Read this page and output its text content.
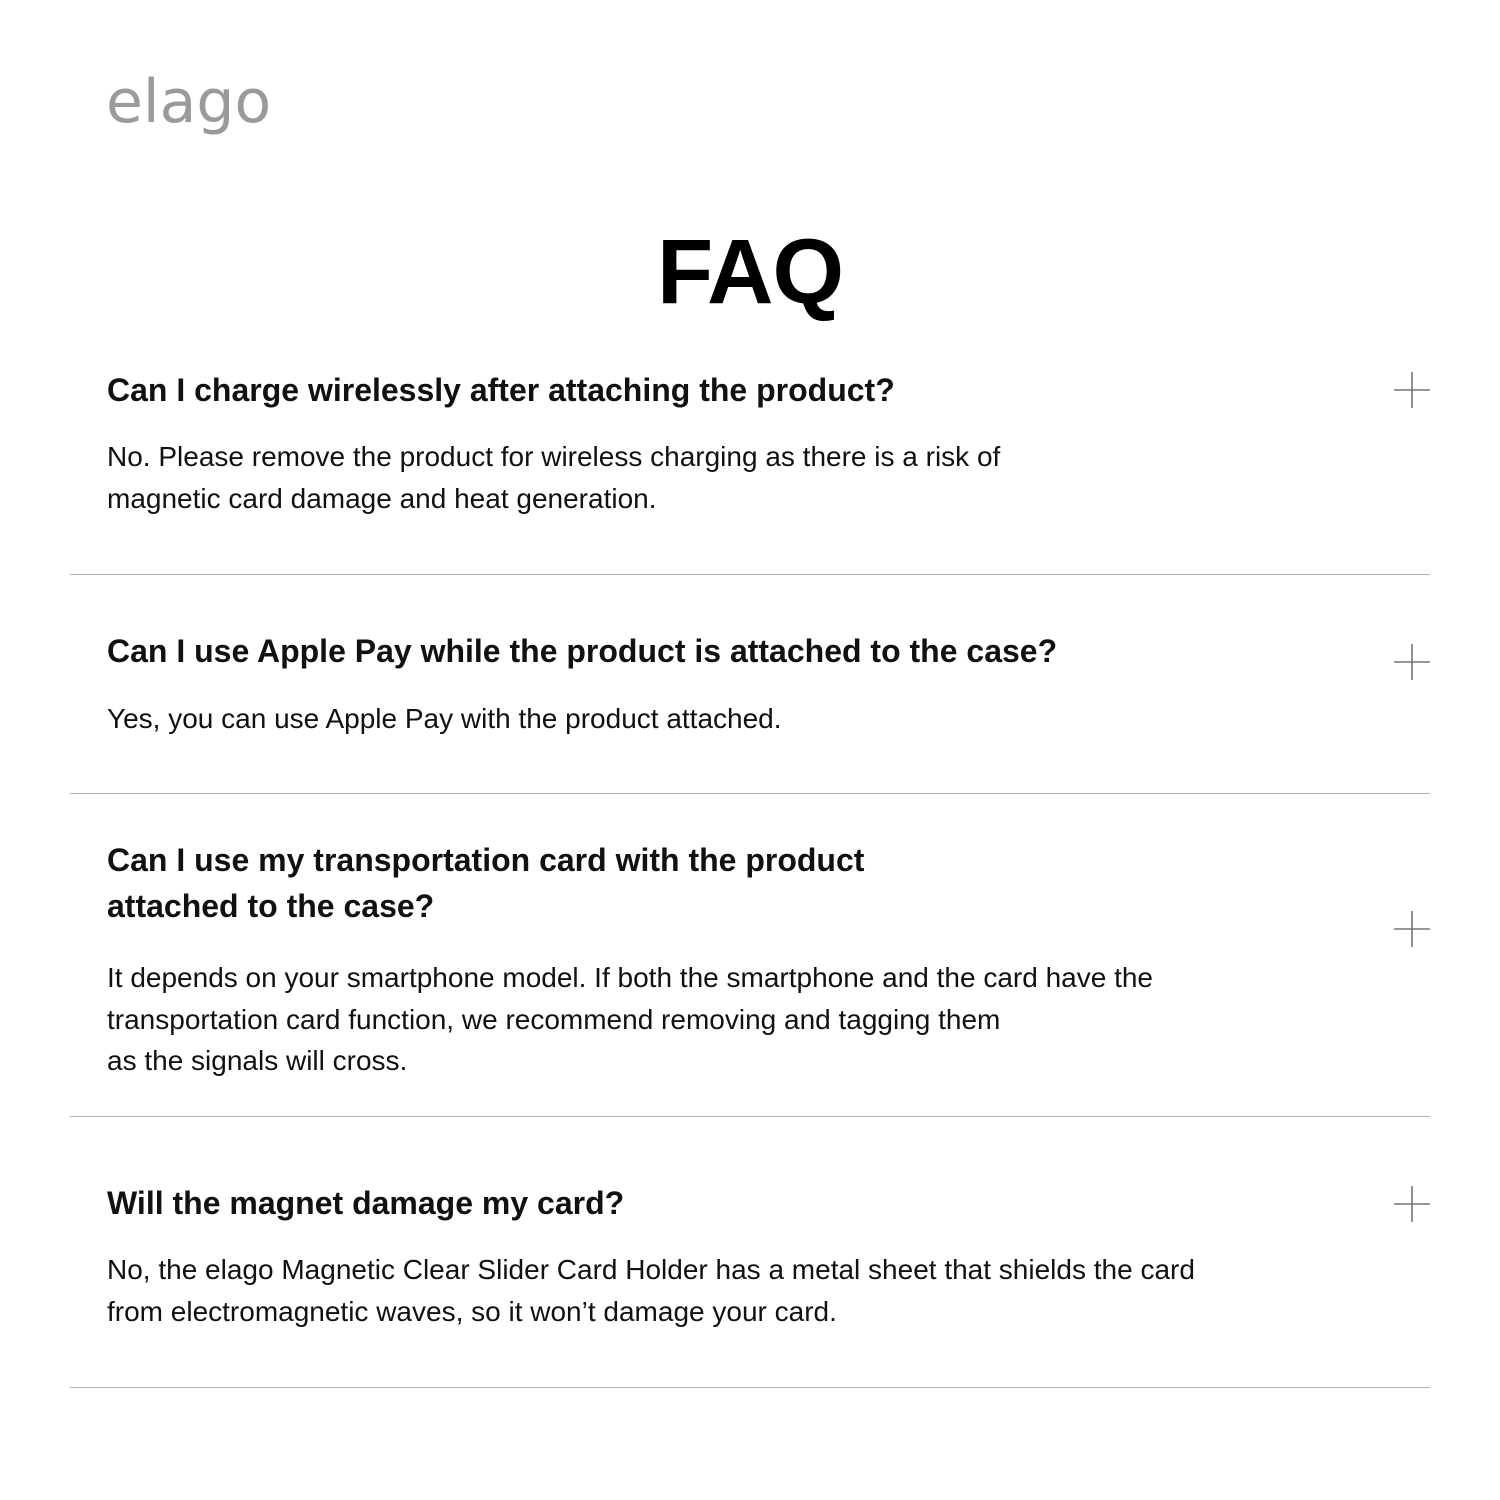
elago
FAQ
Can I charge wirelessly after attaching the product?
No. Please remove the product for wireless charging as there is a risk of
magnetic card damage and heat generation.
Can I use Apple Pay while the product is attached to the case?
Yes, you can use Apple Pay with the product attached.
Can I use my transportation card with the product
attached to the case?
It depends on your smartphone model. If both the smartphone and the card have the
transportation card function, we recommend removing and tagging them
as the signals will cross.
Will the magnet damage my card?
No, the elago Magnetic Clear Slider Card Holder has a metal sheet that shields the card
from electromagnetic waves, so it won’t damage your card.
